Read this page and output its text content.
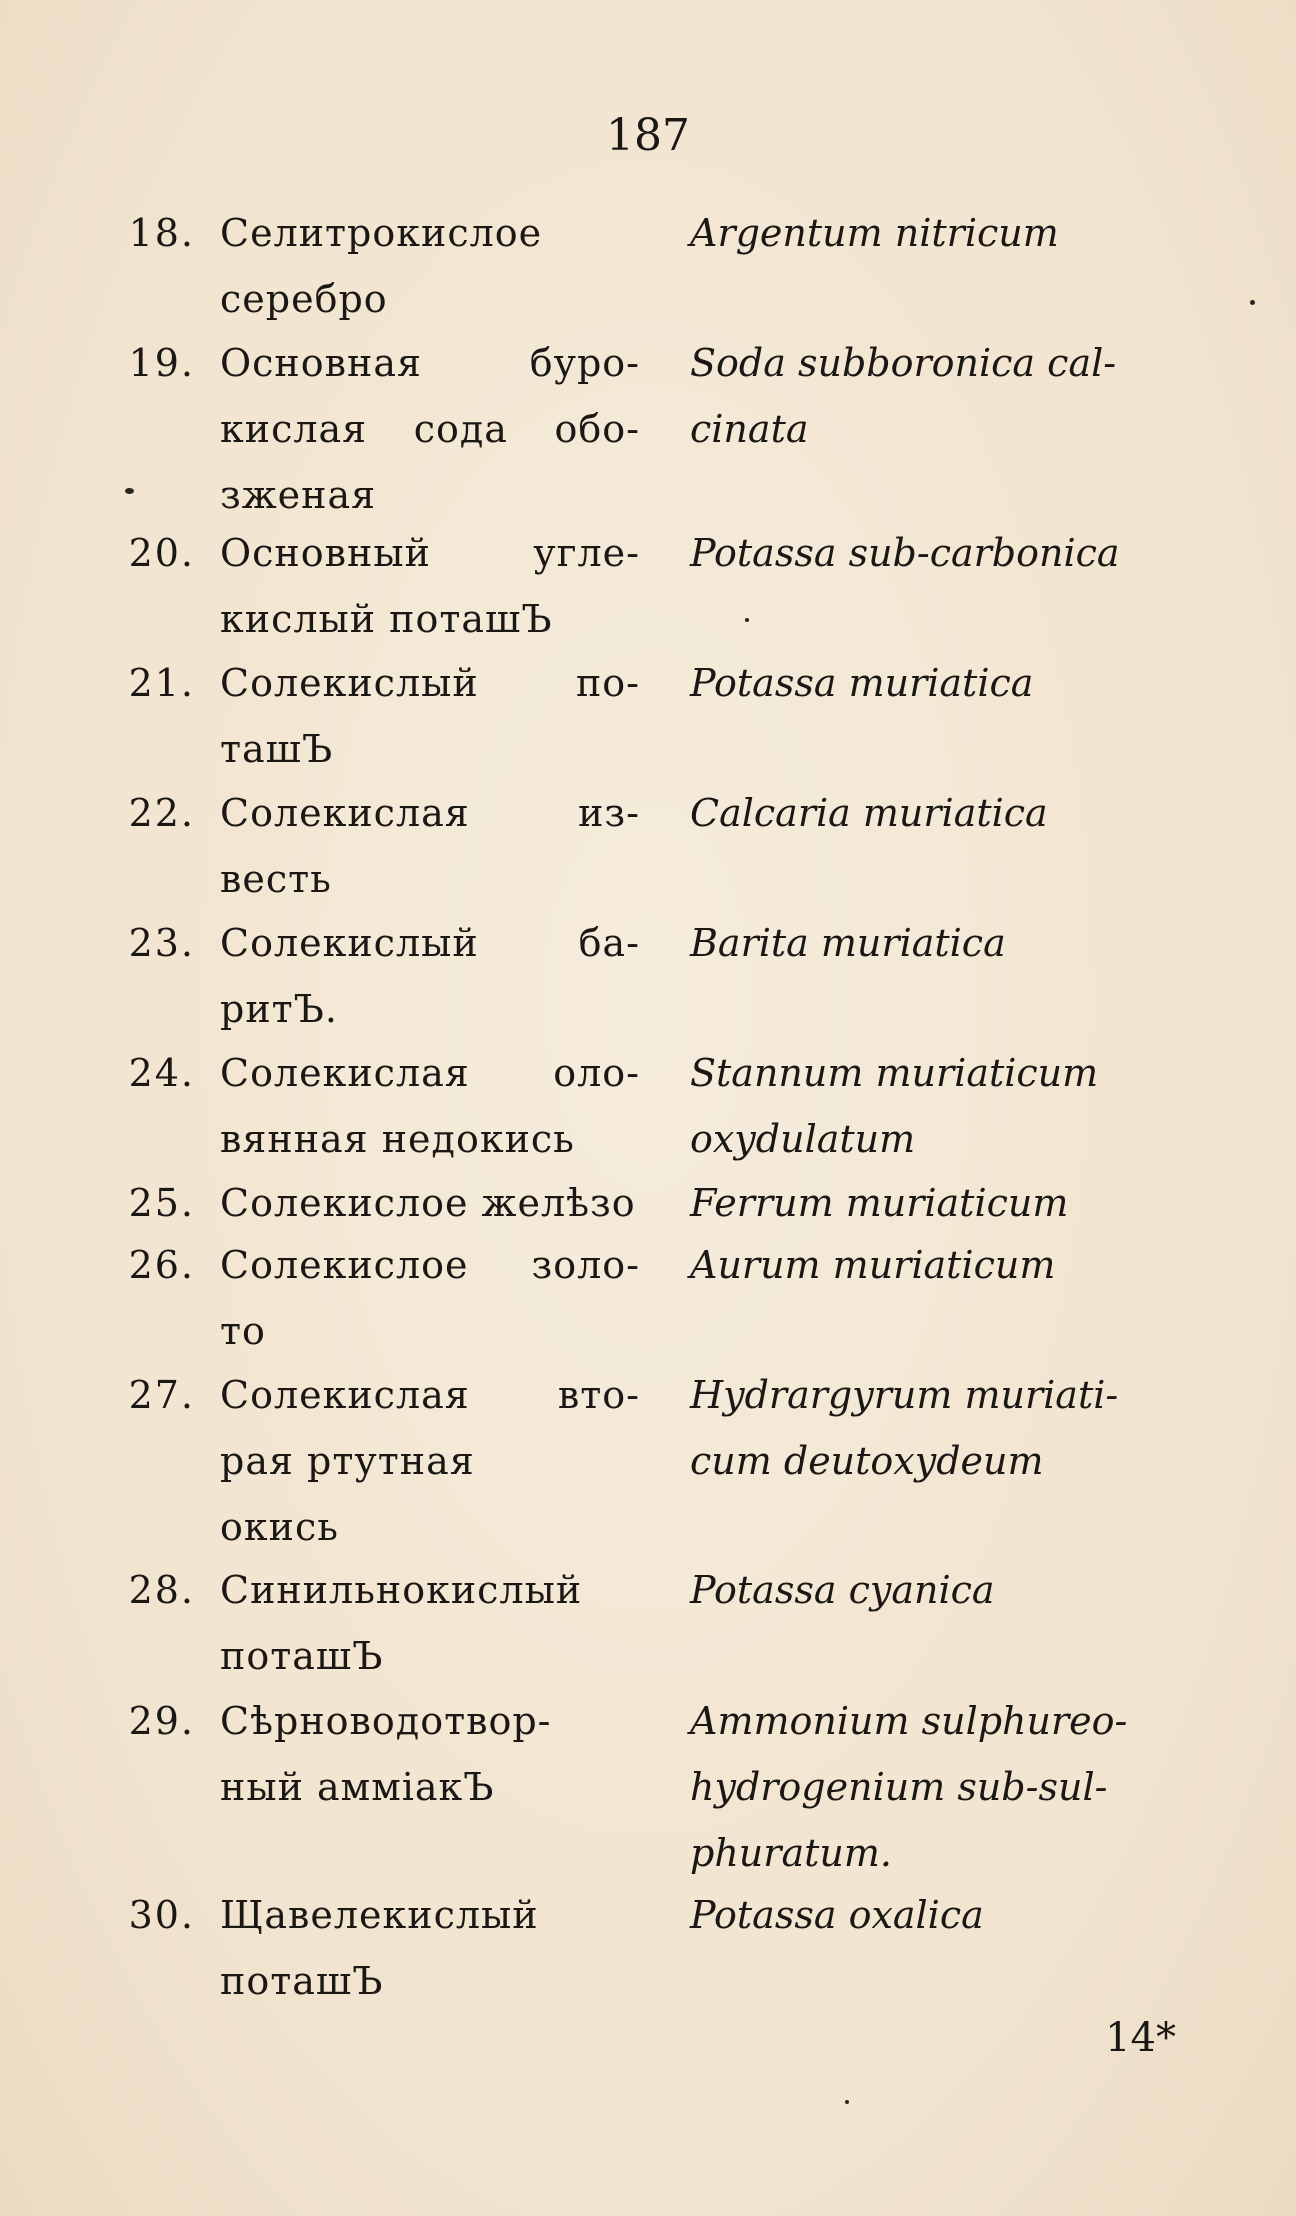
187
18. Селитрокислое
серебро
Argentum nitricum
19. Основная	буро-
кислая сода обо-
зженая
Soda subboronica cal-
cinata
20. Основный	угле-
кислый поташЪ
Potassa sub-carbonica
21. Солекислый	по-
ташЪ
Potassa muriatica
22. Солекислая	из-
весть
Calcaria muriatica
23. Солекислый	ба-
ритЪ.
Barita muriatica
24. Солекислая оло-
вянная недокись
Stannum muriaticum
oxydulatum
25. Солекислое желѣзо Ferrum muriaticum
26. Солекислое золо-
то
Aurum muriaticum
27. Солекислая вто-
рая ртутная
окись
Hydrargyrum muriati-
cum deutoxydeum
28. Синильнокислый
поташЪ
Potassa cyanica
29. Сѣрноводотвор-
ный амміакЪ
Ammonium sulphureo-
hydrogenium sub-sul-
phuratum.
30. Щавелекислый
поташЪ
Potassa oxalica
14*
